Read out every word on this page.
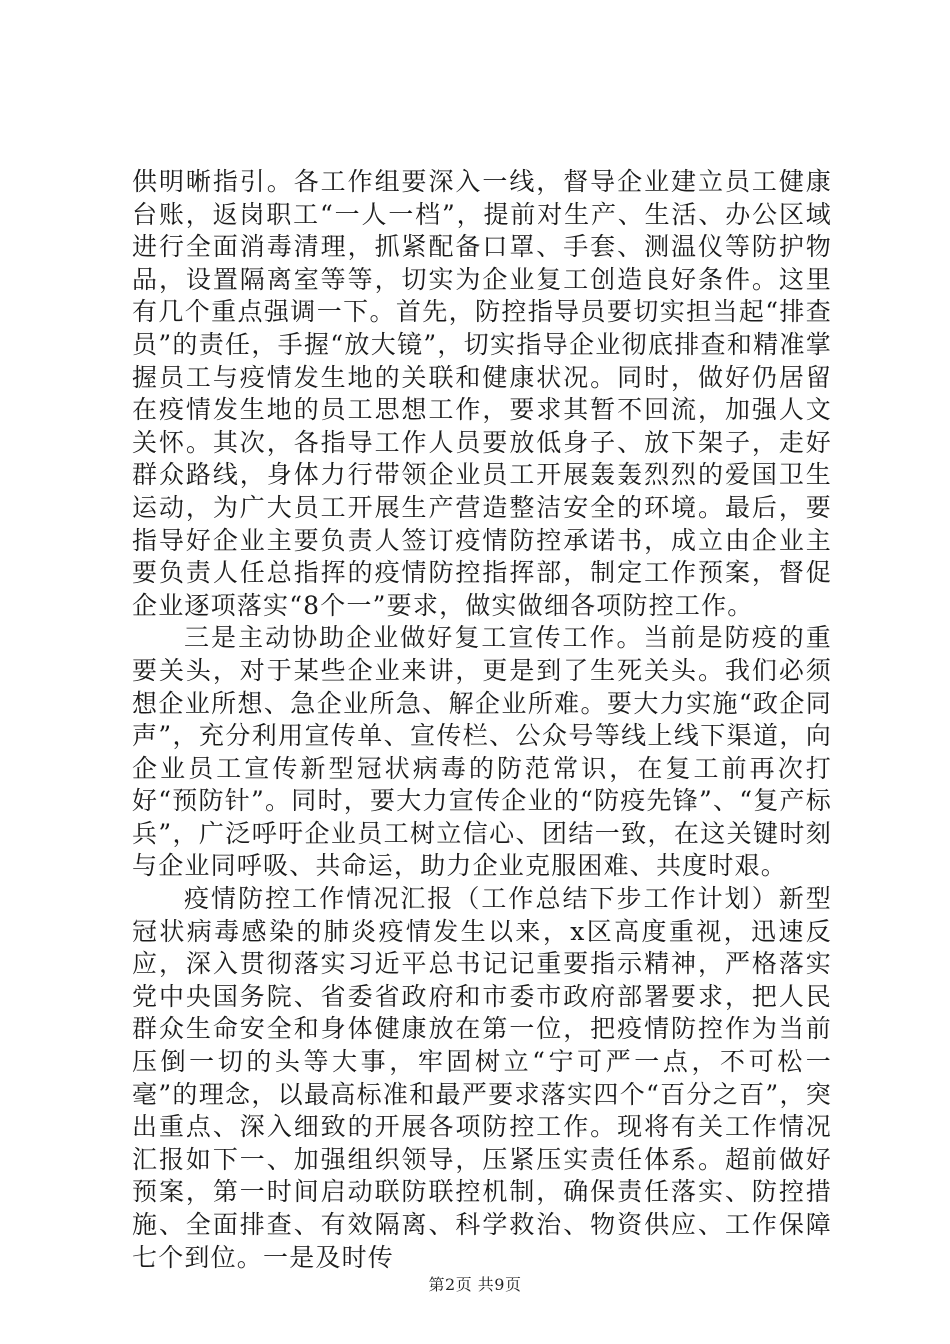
供明晰指引。各工作组要深入一线，督导企业建立员工健康台账，返岗职工“一人一档”，提前对生产、生活、办公区域进行全面消毒清理，抓紧配备口罩、手套、测温仪等防护物品，设置隔离室等等，切实为企业复工创造良好条件。这里有几个重点强调一下。首先，防控指导员要切实担当起“排查员”的责任，手握“放大镜”，切实指导企业彻底排查和精准掌握员工与疫情发生地的关联和健康状况。同时，做好仍居留在疫情发生地的员工思想工作，要求其暂不回流，加强人文关怀。其次，各指导工作人员要放低身子、放下架子，走好群众路线，身体力行带领企业员工开展轰轰烈烈的爱国卫生运动，为广大员工开展生产营造整洁安全的环境。最后，要指导好企业主要负责人签订疫情防控承诺书，成立由企业主要负责人任总指挥的疫情防控指挥部，制定工作预案，督促企业逐项落实“8个一”要求，做实做细各项防控工作。

三是主动协助企业做好复工宣传工作。当前是防疫的重要关头，对于某些企业来讲，更是到了生死关头。我们必须想企业所想、急企业所急、解企业所难。要大力实施“政企同声”，充分利用宣传单、宣传栏、公众号等线上线下渠道，向企业员工宣传新型冠状病毒的防范常识，在复工前再次打好“预防针”。同时，要大力宣传企业的“防疫先锋”、“复产标兵”，广泛呼吁企业员工树立信心、团结一致，在这关键时刻与企业同呼吸、共命运，助力企业克服困难、共度时艰。

疫情防控工作情况汇报（工作总结下步工作计划）新型冠状病毒感染的肺炎疫情发生以来，x区高度重视，迅速反应，深入贯彻落实习近平总书记记重要指示精神，严格落实党中央国务院、省委省政府和市委市政府部署要求，把人民群众生命安全和身体健康放在第一位，把疫情防控作为当前压倒一切的头等大事，牢固树立“宁可严一点，不可松一毫”的理念，以最高标准和最严要求落实四个“百分之百”，突出重点、深入细致的开展各项防控工作。现将有关工作情况汇报如下一、加强组织领导，压紧压实责任体系。超前做好预案，第一时间启动联防联控机制，确保责任落实、防控措施、全面排查、有效隔离、科学救治、物资供应、工作保障七个到位。一是及时传

第2页 共9页
